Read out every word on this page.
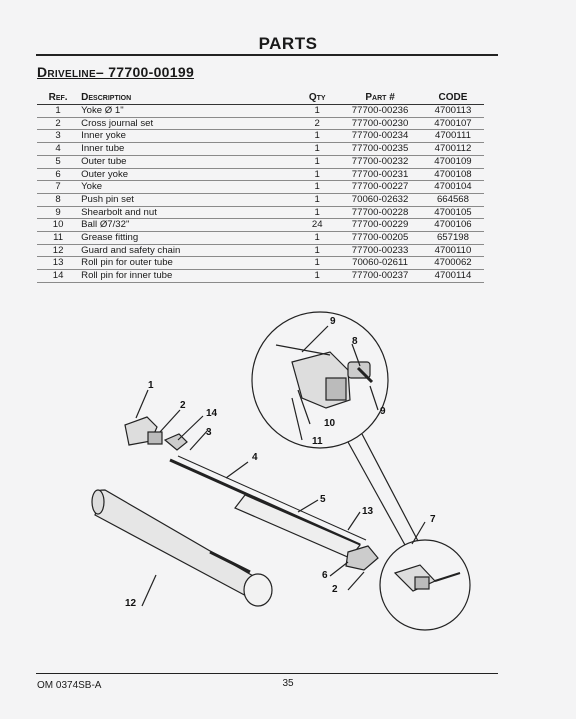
PARTS
Driveline– 77700-00199
Ref.	Description	Qty	Part #	CODE
1	Yoke Ø 1"	1	77700-00236	4700113
2	Cross journal set	2	77700-00230	4700107
3	Inner yoke	1	77700-00234	4700111
4	Inner tube	1	77700-00235	4700112
5	Outer tube	1	77700-00232	4700109
6	Outer yoke	1	77700-00231	4700108
7	Yoke	1	77700-00227	4700104
8	Push pin set	1	70060-02632	664568
9	Shearbolt and nut	1	77700-00228	4700105
10	Ball Ø7/32"	24	77700-00229	4700106
11	Grease fitting	1	77700-00205	657198
12	Guard and safety chain	1	77700-00233	4700110
13	Roll pin for outer tube	1	70060-02611	4700062
14	Roll pin for inner tube	1	77700-00237	4700114
1
2
3
4
5
6
7
8
9
10
11
12
13
14
2
9
OM 0374SB-A	35
